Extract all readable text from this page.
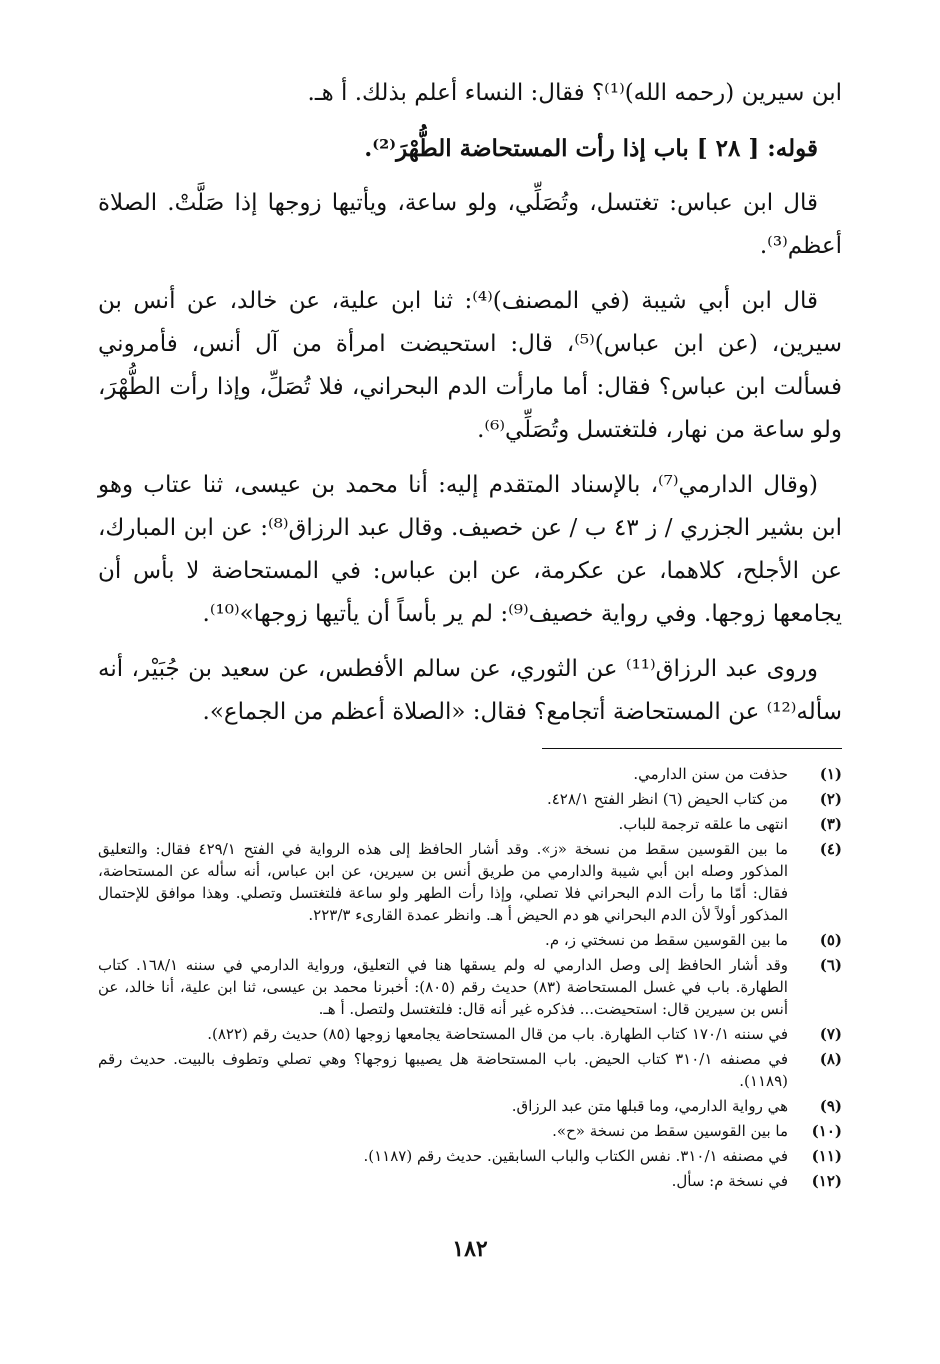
ابن سيرين (رحمه الله)⁽¹⁾؟ فقال: النساء أعلم بذلك. أ هـ.

قوله: [ ٢٨ ] باب إذا رأت المستحاضة الطُّهْرَ⁽²⁾.

قال ابن عباس: تغتسل، وتُصَلِّي، ولو ساعة، ويأتيها زوجها إذا صَلَّتْ. الصلاة أعظم⁽³⁾.

قال ابن أبي شيبة (في المصنف)⁽⁴⁾: ثنا ابن علية، عن خالد، عن أنس بن سيرين، (عن ابن عباس)⁽⁵⁾، قال: استحيضت امرأة من آل أنس، فأمروني فسألت ابن عباس؟ فقال: أما مارأت الدم البحراني، فلا تُصَلِّ، وإذا رأت الطُّهْرَ، ولو ساعة من نهار، فلتغتسل وتُصَلِّي⁽⁶⁾.

(وقال الدارمي⁽⁷⁾، بالإسناد المتقدم إليه: أنا محمد بن عيسى، ثنا عتاب وهو ابن بشير الجزري / ز ٤٣ ب / عن خصيف. وقال عبد الرزاق⁽⁸⁾: عن ابن المبارك، عن الأجلح، كلاهما، عن عكرمة، عن ابن عباس: في المستحاضة لا بأس أن يجامعها زوجها. وفي رواية خصيف⁽⁹⁾: لم ير بأساً أن يأتيها زوجها»⁽¹⁰⁾.

وروى عبد الرزاق⁽¹¹⁾ عن الثوري، عن سالم الأفطس، عن سعيد بن جُبَيْر، أنه سأله⁽¹²⁾ عن المستحاضة أتجامع؟ فقال: «الصلاة أعظم من الجماع».

(١)
حذفت من سنن الدارمي.
(٢)
من كتاب الحيض (٦) انظر الفتح ٤٢٨/١.
(٣)
انتهى ما علقه ترجمة للباب.
(٤)
ما بين القوسين سقط من نسخة «ز». وقد أشار الحافظ إلى هذه الرواية في الفتح ٤٢٩/١ فقال: والتعليق المذكور وصله ابن أبي شيبة والدارمي من طريق أنس بن سيرين، عن ابن عباس، أنه سأله عن المستحاضة، فقال: أمّا ما رأت الدم البحراني فلا تصلي، وإذا رأت الطهر ولو ساعة فلتغتسل وتصلي. وهذا موافق للإحتمال المذكور أولاً لأن الدم البحراني هو دم الحيض أ هـ. وانظر عمدة القارىء ٢٢٣/٣.
(٥)
ما بين القوسين سقط من نسختي ز، م.
(٦)
وقد أشار الحافظ إلى وصل الدارمي له ولم يسقها هنا في التعليق، ورواية الدارمي في سننه ١٦٨/١. كتاب الطهارة. باب في غسل المستحاضة (٨٣) حديث رقم (٨٠٥): أخبرنا محمد بن عيسى، ثنا ابن علية، أنا خالد، عن أنس بن سيرين قال: استحيضت... فذكره غير أنه قال: فلتغتسل ولتصل. أ هـ.
(٧)
في سننه ١٧٠/١ كتاب الطهارة. باب من قال المستحاضة يجامعها زوجها (٨٥) حديث رقم (٨٢٢).
(٨)
في مصنفه ٣١٠/١ كتاب الحيض. باب المستحاضة هل يصيبها زوجها؟ وهي تصلي وتطوف بالبيت. حديث رقم (١١٨٩).
(٩)
هي رواية الدارمي، وما قبلها متن عبد الرزاق.
(١٠)
ما بين القوسين سقط من نسخة «ح».
(١١)
في مصنفه ٣١٠/١. نفس الكتاب والباب السابقين. حديث رقم (١١٨٧).
(١٢)
في نسخة م: سأل.
١٨٢
